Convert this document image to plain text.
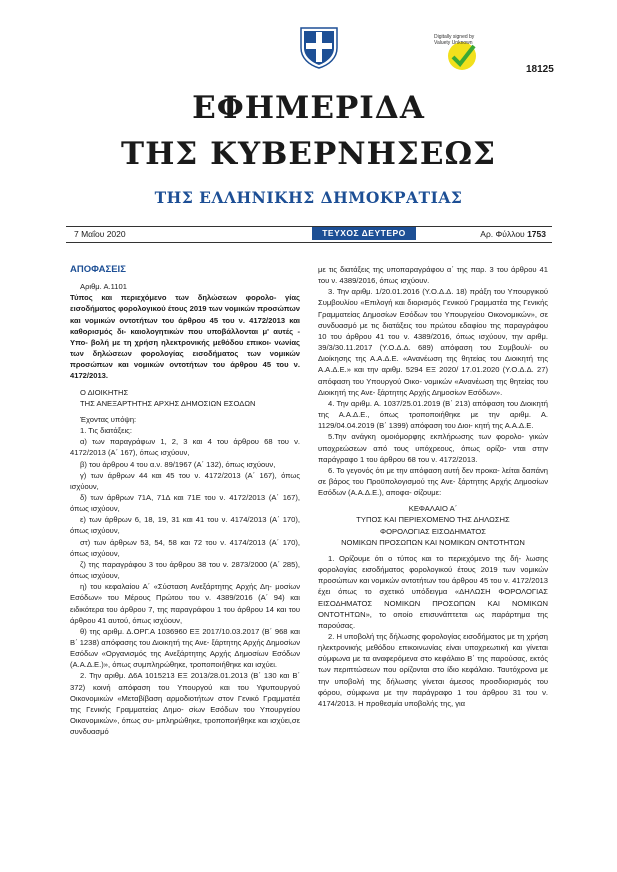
Digitally signed by Valuety Unknown
18125
ΕΦΗΜΕΡΙΔΑ
ΤΗΣ ΚΥΒΕΡΝΗΣΕΩΣ
ΤΗΣ ΕΛΛΗΝΙΚΗΣ ΔΗΜΟΚΡΑΤΙΑΣ
7 Μαΐου 2020	ΤΕΥΧΟΣ ΔΕΥΤΕΡΟ	Αρ. Φύλλου 1753

ΑΠΟΦΑΣΕΙΣ

Αριθμ. Α.1101

Τύπος και περιεχόμενο των δηλώσεων φορολο- γίας εισοδήματος φορολογικού έτους 2019 των νομικών προσώπων και νομικών οντοτήτων του άρθρου 45 του ν. 4172/2013 και καθορισμός δι- καιολογητικών που υποβάλλονται μ' αυτές - Υπο- βολή με τη χρήση ηλεκτρονικής μεθόδου επικοι- νωνίας των δηλώσεων φορολογίας εισοδήματος των νομικών προσώπων και νομικών οντοτήτων του άρθρου 45 του ν. 4172/2013.

Ο ΔΙΟΙΚΗΤΗΣ

ΤΗΣ ΑΝΕΞΑΡΤΗΤΗΣ ΑΡΧΗΣ ΔΗΜΟΣΙΩΝ ΕΣΟΔΩΝ

Έχοντας υπόψη:

1. Τις διατάξεις:

α) των παραγράφων 1, 2, 3 και 4 του άρθρου 68 του ν. 4172/2013 (Α΄ 167), όπως ισχύουν,

β) του άρθρου 4 του α.ν. 89/1967 (Α΄ 132), όπως ισχύουν,

γ) των άρθρων 44 και 45 του ν. 4172/2013 (Α΄ 167), όπως ισχύουν,

δ) των άρθρων 71Α, 71Δ και 71Ε του ν. 4172/2013 (Α΄ 167), όπως ισχύουν,

ε) των άρθρων 6, 18, 19, 31 και 41 του ν. 4174/2013 (Α΄ 170), όπως ισχύουν,

στ) των άρθρων 53, 54, 58 και 72 του ν. 4174/2013 (Α΄ 170), όπως ισχύουν,

ζ) της παραγράφου 3 του άρθρου 38 του ν. 2873/2000 (Α΄ 285), όπως ισχύουν,

η) του κεφαλαίου Α΄ «Σύσταση Ανεξάρτητης Αρχής Δη- μοσίων Εσόδων» του Μέρους Πρώτου του ν. 4389/2016 (Α΄ 94) και ειδικότερα του άρθρου 7, της παραγράφου 1 του άρθρου 14 και του άρθρου 41 αυτού, όπως ισχύουν,

θ) της αριθμ. Δ.ΟΡΓ.Α 1036960 ΕΞ 2017/10.03.2017 (Β΄ 968 και Β΄ 1238) απόφασης του Διοικητή της Ανε- ξάρτητης Αρχής Δημοσίων Εσόδων «Οργανισμός της Ανεξάρτητης Αρχής Δημοσίων Εσόδων (Α.Α.Δ.Ε.)», όπως συμπληρώθηκε, τροποποιήθηκε και ισχύει.

2. Την αριθμ. Δ6Α 1015213 ΕΞ 2013/28.01.2013 (Β΄ 130 και Β΄ 372) κοινή απόφαση του Υπουργού και του Υφυπουργού Οικονομικών «Μεταβίβαση αρμοδιοτήτων στον Γενικό Γραμματέα της Γενικής Γραμματείας Δημο- σίων Εσόδων του Υπουργείου Οικονομικών», όπως συ- μπληρώθηκε, τροποποιήθηκε και ισχύει,σε συνδυασμό

με τις διατάξεις της υποπαραγράφου α΄ της παρ. 3 του άρθρου 41 του ν. 4389/2016, όπως ισχύουν.

3. Την αριθμ. 1/20.01.2016 (Υ.Ο.Δ.Δ. 18) πράξη του Υπουργικού Συμβουλίου «Επιλογή και διορισμός Γενικού Γραμματέα της Γενικής Γραμματείας Δημοσίων Εσόδων του Υπουργείου Οικονομικών», σε συνδυασμό με τις διατάξεις του πρώτου εδαφίου της παραγράφου 10 του άρθρου 41 του ν. 4389/2016, όπως ισχύουν, την αριθμ. 39/3/30.11.2017 (Υ.Ο.Δ.Δ. 689) απόφαση του Συμβουλί- ου Διοίκησης της Α.Α.Δ.Ε. «Ανανέωση της θητείας του Διοικητή της Α.Α.Δ.Ε.» και την αριθμ. 5294 ΕΞ 2020/ 17.01.2020 (Υ.Ο.Δ.Δ. 27) απόφαση του Υπουργού Οικο- νομικών «Ανανέωση της θητείας του Διοικητή της Ανε- ξάρτητης Αρχής Δημοσίων Εσόδων».

4. Την αριθμ. Α. 1037/25.01.2019 (Β΄ 213) απόφαση του Διοικητή της Α.Α.Δ.Ε., όπως τροποποιήθηκε με την αριθμ. Α. 1129/04.04.2019 (Β΄ 1399) απόφαση του Διοι- κητή της Α.Α.Δ.Ε.

5.Την ανάγκη ομοιόμορφης εκπλήρωσης των φορολο- γικών υποχρεώσεων από τους υπόχρεους, όπως ορίζο- νται στην παράγραφο 1 του άρθρου 68 του ν. 4172/2013.

6. Το γεγονός ότι με την απόφαση αυτή δεν προκα- λείται δαπάνη σε βάρος του Προϋπολογισμού της Ανε- ξάρτητης Αρχής Δημοσίων Εσόδων (Α.Α.Δ.Ε.), αποφα- σίζουμε:

ΚΕΦΑΛΑΙΟ Α΄

ΤΥΠΟΣ ΚΑΙ ΠΕΡΙΕΧΟΜΕΝΟ ΤΗΣ ΔΗΛΩΣΗΣ

ΦΟΡΟΛΟΓΙΑΣ ΕΙΣΟΔΗΜΑΤΟΣ

ΝΟΜΙΚΩΝ ΠΡΟΣΩΠΩΝ ΚΑΙ ΝΟΜΙΚΩΝ ΟΝΤΟΤΗΤΩΝ

1. Ορίζουμε ότι ο τύπος και το περιεχόμενο της δή- λωσης φορολογίας εισοδήματος φορολογικού έτους 2019 των νομικών προσώπων και νομικών οντοτήτων του άρθρου 45 του ν. 4172/2013 έχει όπως το σχετικό υπόδειγμα «ΔΗΛΩΣΗ ΦΟΡΟΛΟΓΙΑΣ ΕΙΣΟΔΗΜΑΤΟΣ ΝΟΜΙΚΩΝ ΠΡΟΣΩΠΩΝ ΚΑΙ ΝΟΜΙΚΩΝ ΟΝΤΟΤΗΤΩΝ», το οποίο επισυνάπτεται ως παράρτημα της παρούσας.

2. Η υποβολή της δήλωσης φορολογίας εισοδήματος με τη χρήση ηλεκτρονικής μεθόδου επικοινωνίας είναι υποχρεωτική και γίνεται σύμφωνα με τα αναφερόμενα στο κεφάλαιο Β΄ της παρούσας, εκτός των περιπτώσεων που ορίζονται στο ίδιο κεφάλαιο. Ταυτόχρονα με την υποβολή της δήλωσης γίνεται άμεσος προσδιορισμός του φόρου, σύμφωνα με την παράγραφο 1 του άρθρου 31 του ν. 4174/2013. Η προθεσμία υποβολής της, για
